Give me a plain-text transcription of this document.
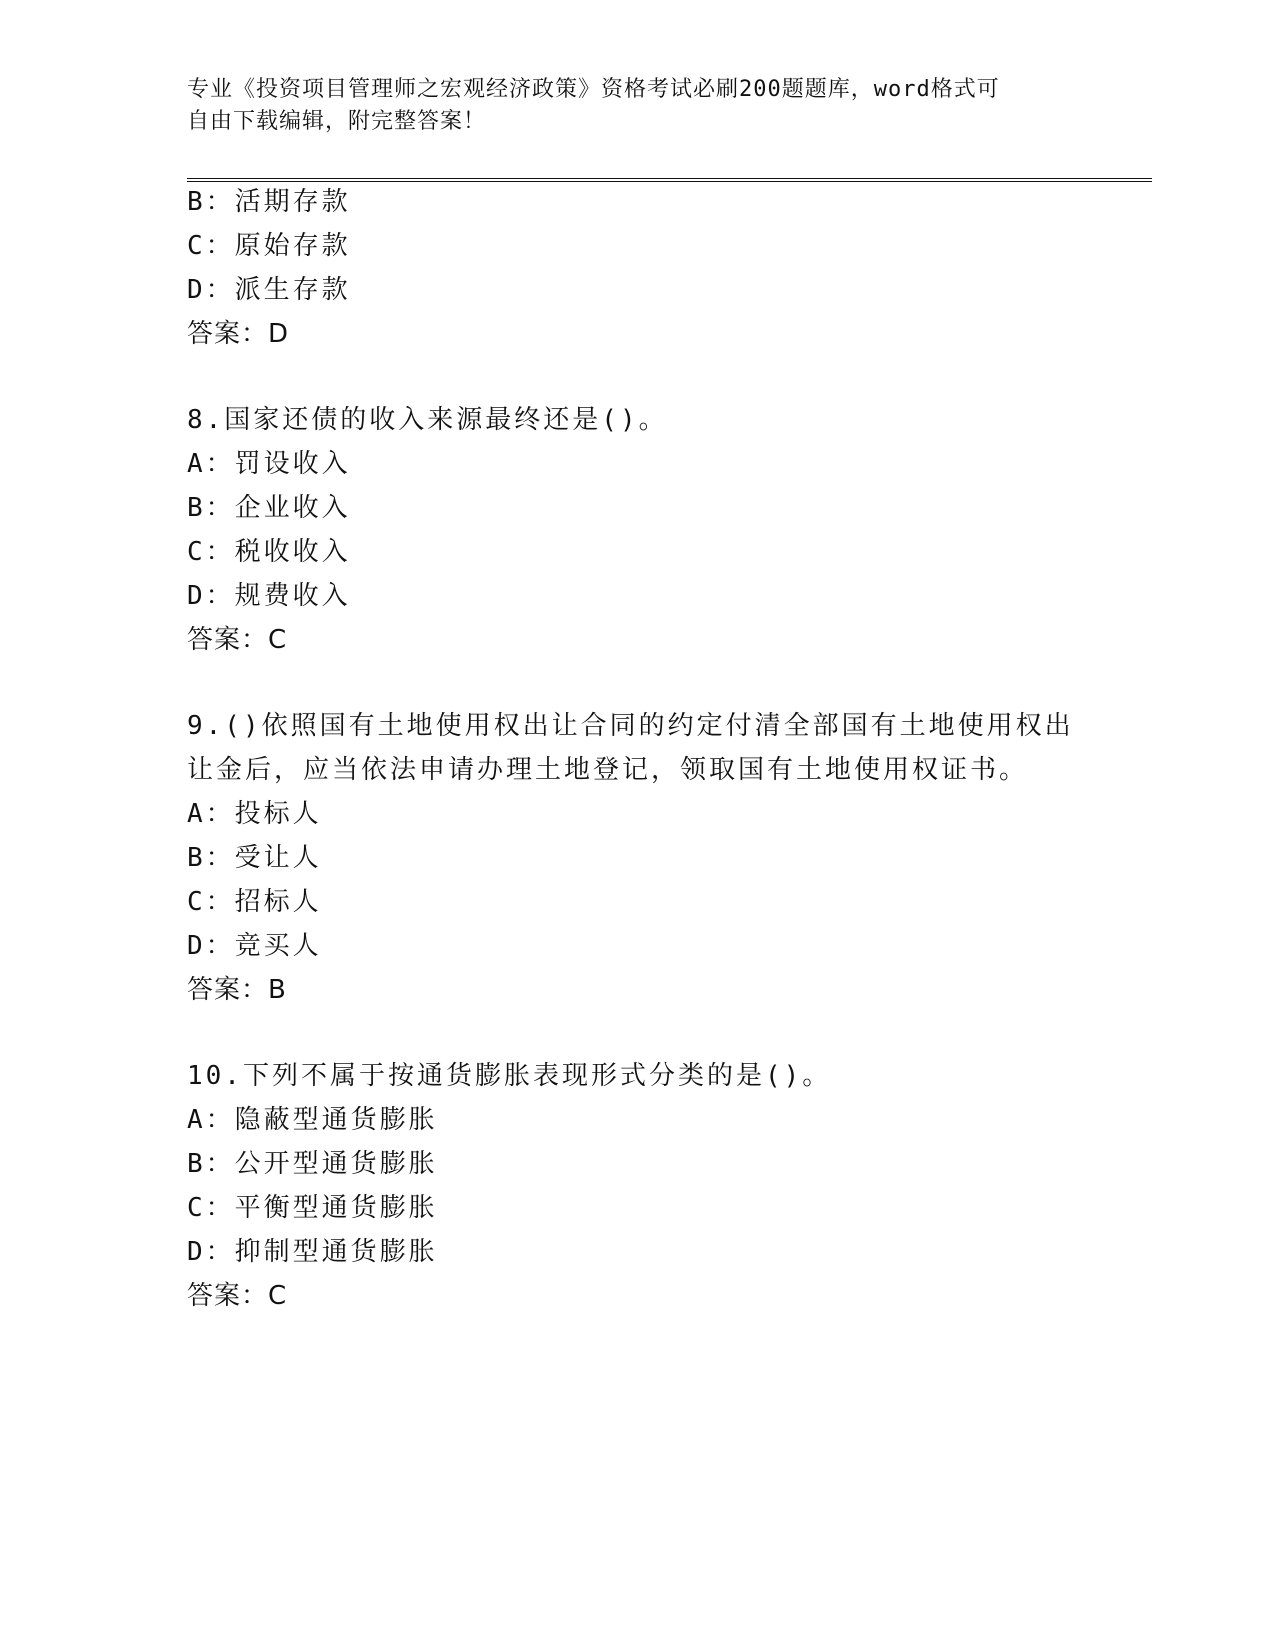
专业《投资项目管理师之宏观经济政策》资格考试必刷200题题库，word格式可
自由下载编辑，附完整答案！
B：活期存款
C：原始存款
D：派生存款
答案：D
8.国家还债的收入来源最终还是()。
A：罚设收入
B：企业收入
C：税收收入
D：规费收入
答案：C
9.()依照国有土地使用权出让合同的约定付清全部国有土地使用权出
让金后，应当依法申请办理土地登记，领取国有土地使用权证书。
A：投标人
B：受让人
C：招标人
D：竞买人
答案：B
10.下列不属于按通货膨胀表现形式分类的是()。
A：隐蔽型通货膨胀
B：公开型通货膨胀
C：平衡型通货膨胀
D：抑制型通货膨胀
答案：C
